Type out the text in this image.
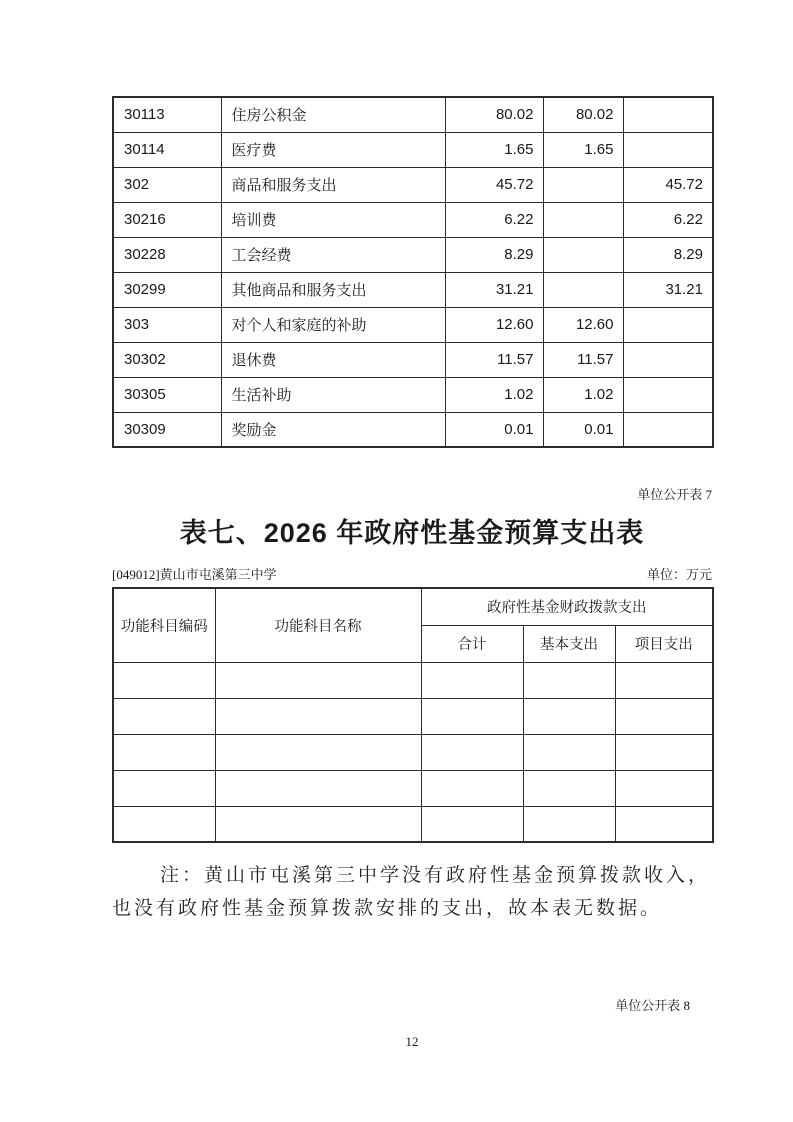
30113	住房公积金	80.02	80.02	
30114	医疗费	1.65	1.65	
302	商品和服务支出	45.72		45.72
30216	培训费	6.22		6.22
30228	工会经费	8.29		8.29
30299	其他商品和服务支出	31.21		31.21
303	对个人和家庭的补助	12.60	12.60	
30302	退休费	11.57	11.57	
30305	生活补助	1.02	1.02	
30309	奖励金	0.01	0.01	
单位公开表 7
表七、2026 年政府性基金预算支出表
[049012]黄山市屯溪第三中学	单位：万元
功能科目编码	功能科目名称	政府性基金财政拨款支出		
		合计	基本支出	项目支出

注：黄山市屯溪第三中学没有政府性基金预算拨款收入，
也没有政府性基金预算拨款安排的支出，故本表无数据。
单位公开表 8
12
